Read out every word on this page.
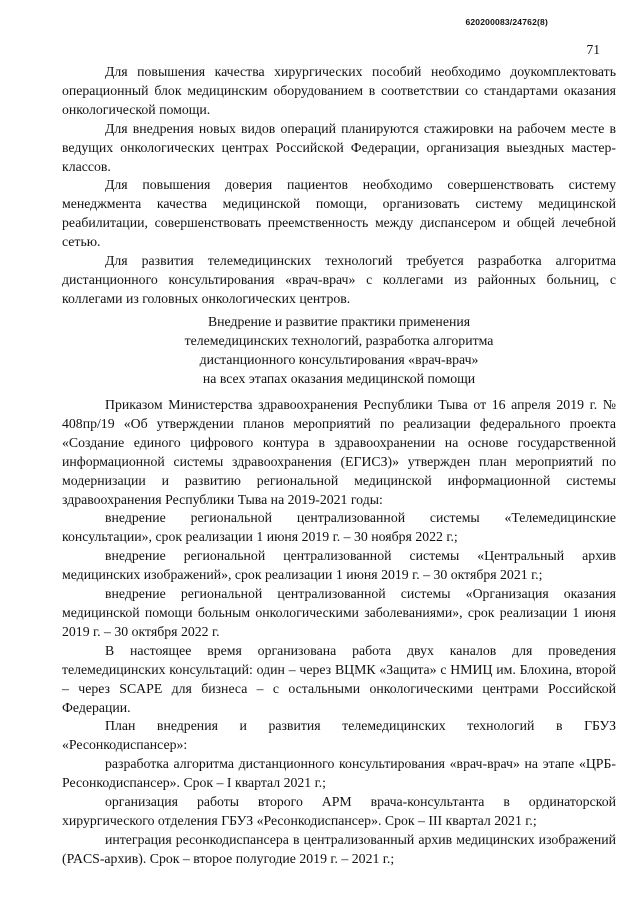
620200083/24762(8)
71

Для повышения качества хирургических пособий необходимо доукомплектовать операционный блок медицинским оборудованием в соответствии со стандартами оказания онкологической помощи.

Для внедрения новых видов операций планируются стажировки на рабочем месте в ведущих онкологических центрах Российской Федерации, организация выездных мастер-классов.

Для повышения доверия пациентов необходимо совершенствовать систему менеджмента качества медицинской помощи, организовать систему медицинской реабилитации, совершенствовать преемственность между диспансером и общей лечебной сетью.

Для развития телемедицинских технологий требуется разработка алгоритма дистанционного консультирования «врач-врач» с коллегами из районных больниц, с коллегами из головных онкологических центров.

Внедрение и развитие практики применения
телемедицинских технологий, разработка алгоритма
дистанционного консультирования «врач-врач»
на всех этапах оказания медицинской помощи

Приказом Министерства здравоохранения Республики Тыва от 16 апреля 2019 г. № 408пр/19 «Об утверждении планов мероприятий по реализации федерального проекта «Создание единого цифрового контура в здравоохранении на основе государственной информационной системы здравоохранения (ЕГИСЗ)» утвержден план мероприятий по модернизации и развитию региональной медицинской информационной системы здравоохранения Республики Тыва на 2019-2021 годы:

внедрение региональной централизованной системы «Телемедицинские консультации», срок реализации 1 июня 2019 г. – 30 ноября 2022 г.;

внедрение региональной централизованной системы «Центральный архив медицинских изображений», срок реализации 1 июня 2019 г. – 30 октября 2021 г.;

внедрение региональной централизованной системы «Организация оказания медицинской помощи больным онкологическими заболеваниями», срок реализации 1 июня 2019 г. – 30 октября 2022 г.

В настоящее время организована работа двух каналов для проведения телемедицинских консультаций: один – через ВЦМК «Защита» с НМИЦ им. Блохина, второй – через SCAPE для бизнеса – с остальными онкологическими центрами Российской Федерации.

План внедрения и развития телемедицинских технологий в ГБУЗ «Ресонкодиспансер»:

разработка алгоритма дистанционного консультирования «врач-врач» на этапе «ЦРБ-Ресонкодиспансер». Срок – I квартал 2021 г.;

организация работы второго АРМ врача-консультанта в ординаторской хирургического отделения ГБУЗ «Ресонкодиспансер». Срок – III квартал 2021 г.;

интеграция ресонкодиспансера в централизованный архив медицинских изображений (PACS-архив). Срок – второе полугодие 2019 г. – 2021 г.;
